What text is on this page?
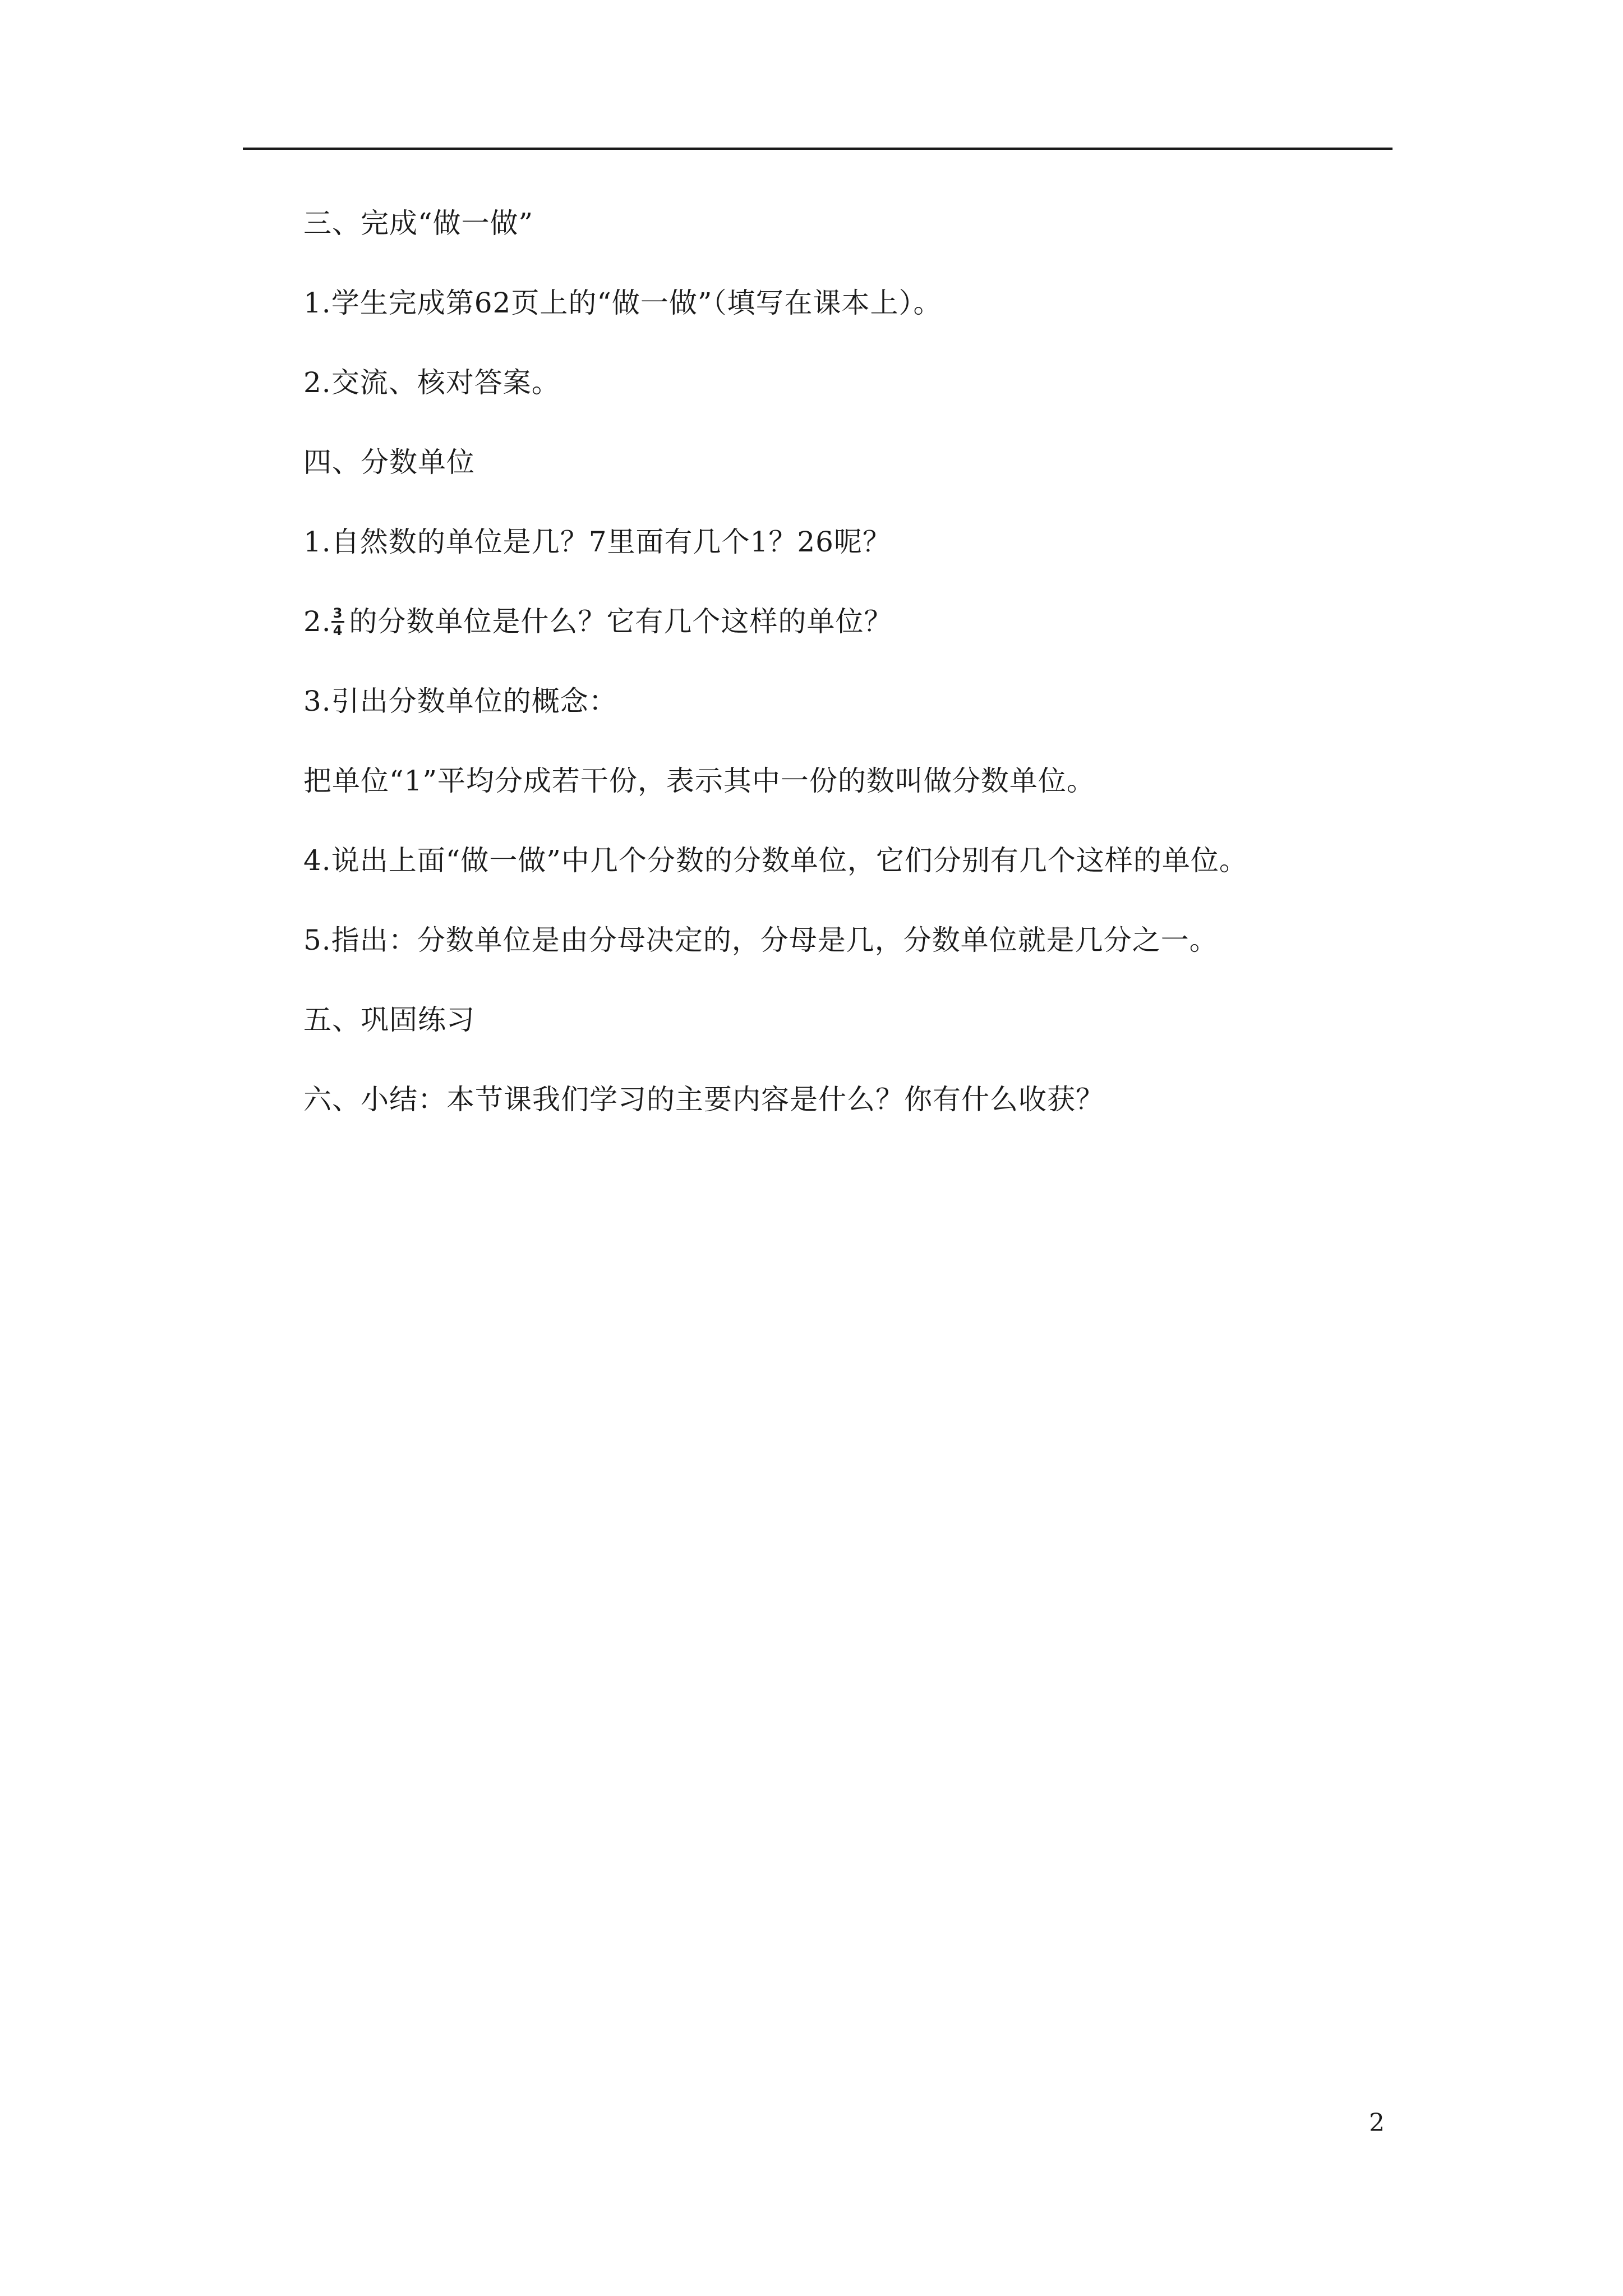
三、完成“做一做”
1.学生完成第62页上的“做一做”（填写在课本上）。
2.交流、核对答案。
四、分数单位
1.自然数的单位是几？7里面有几个1？26呢？
2. $\frac{3}{4}$ 的分数单位是什么？它有几个这样的单位？
3.引出分数单位的概念：
把单位“1”平均分成若干份，表示其中一份的数叫做分数单位。
4.说出上面“做一做”中几个分数的分数单位，它们分别有几个这样的单位。
5.指出：分数单位是由分母决定的，分母是几，分数单位就是几分之一。
五、巩固练习
六、小结：本节课我们学习的主要内容是什么？你有什么收获？
2
